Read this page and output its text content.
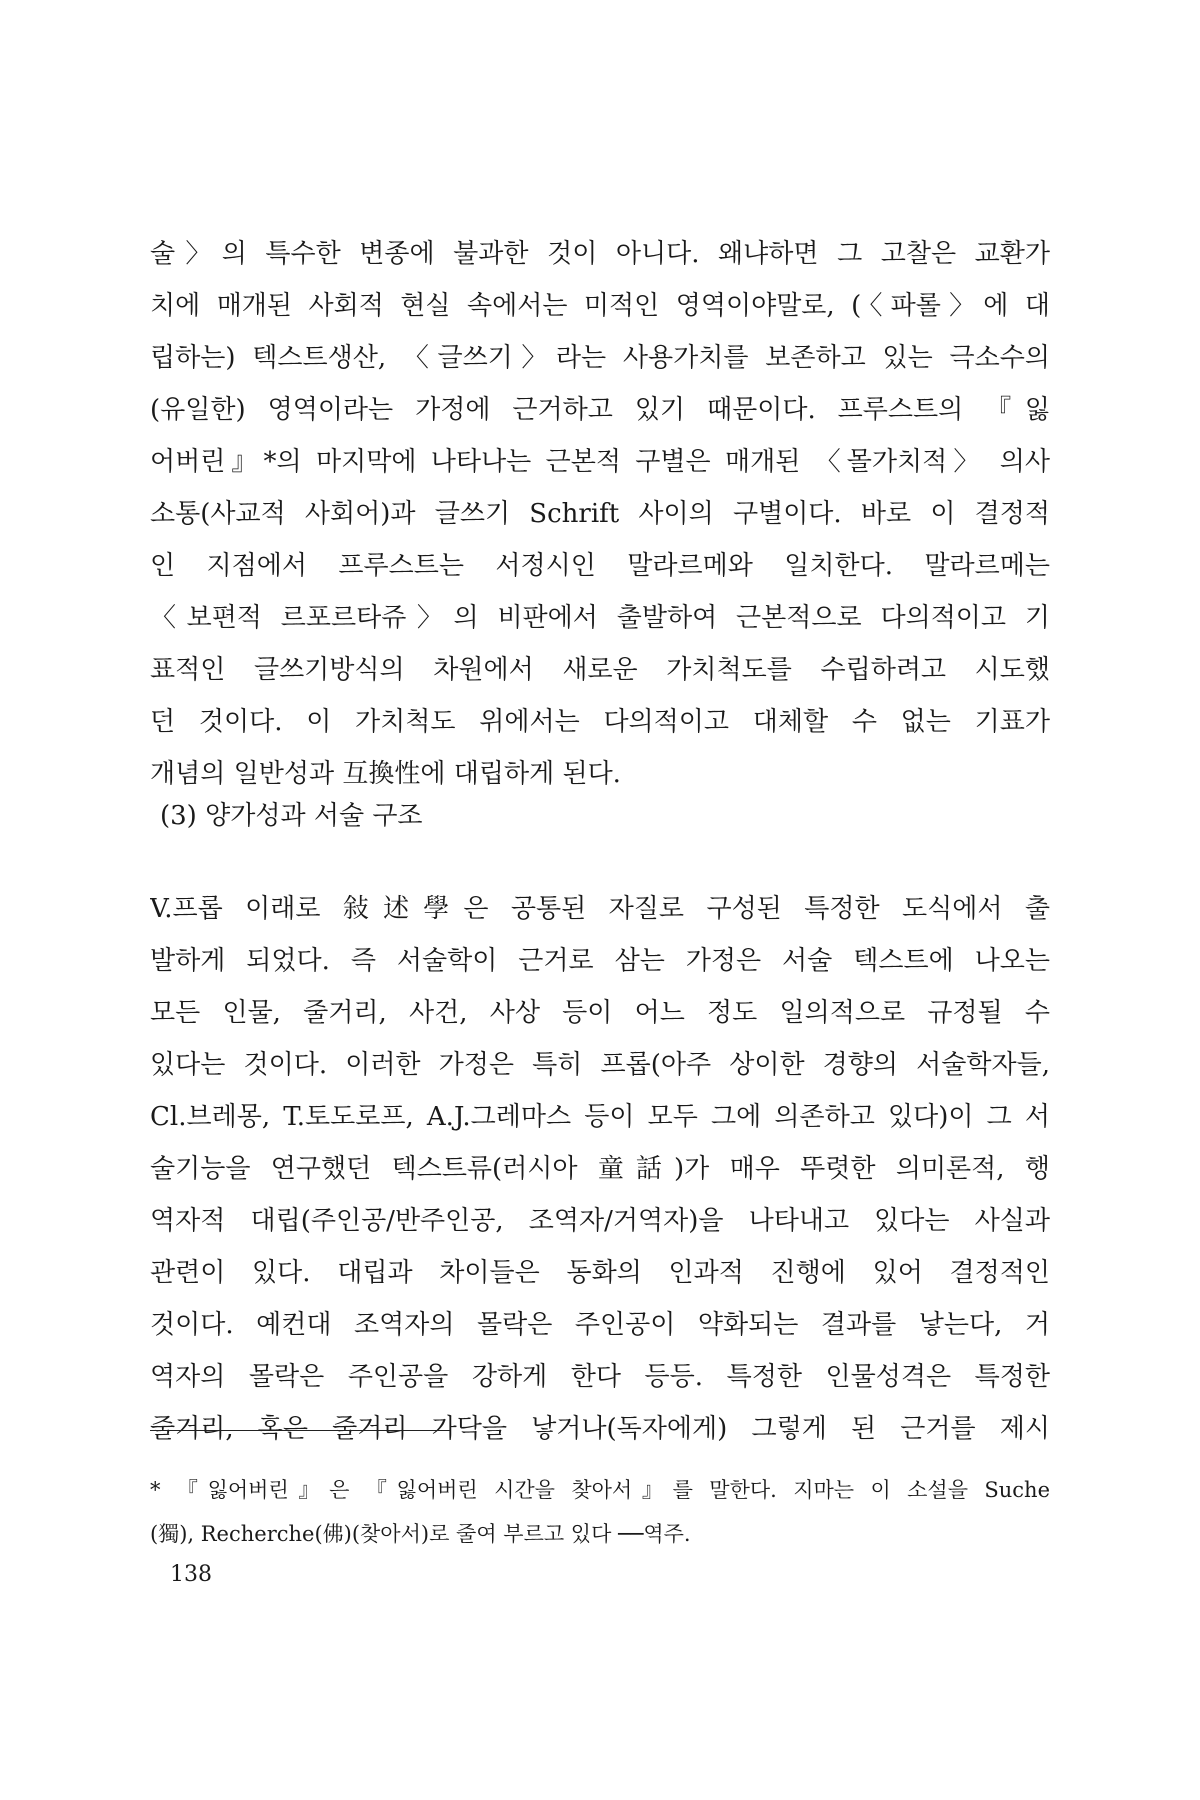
술〉의 특수한 변종에 불과한 것이 아니다. 왜냐하면 그 고찰은 교환가
치에 매개된 사회적 현실 속에서는 미적인 영역이야말로, (〈파롤〉에 대
립하는) 텍스트생산, 〈글쓰기〉라는 사용가치를 보존하고 있는 극소수의
(유일한) 영역이라는 가정에 근거하고 있기 때문이다. 프루스트의 『잃
어버린』*의 마지막에 나타나는 근본적 구별은 매개된 〈몰가치적〉 의사
소통(사교적 사회어)과 글쓰기 Schrift 사이의 구별이다. 바로 이 결정적
인 지점에서 프루스트는 서정시인 말라르메와 일치한다. 말라르메는
〈보편적 르포르타쥬〉의 비판에서 출발하여 근본적으로 다의적이고 기
표적인 글쓰기방식의 차원에서 새로운 가치척도를 수립하려고 시도했
던 것이다. 이 가치척도 위에서는 다의적이고 대체할 수 없는 기표가
개념의 일반성과 互換性에 대립하게 된다.
(3) 양가성과 서술 구조
V.프롭 이래로 敍述學은 공통된 자질로 구성된 특정한 도식에서 출
발하게 되었다. 즉 서술학이 근거로 삼는 가정은 서술 텍스트에 나오는
모든 인물, 줄거리, 사건, 사상 등이 어느 정도 일의적으로 규정될 수
있다는 것이다. 이러한 가정은 특히 프롭(아주 상이한 경향의 서술학자들,
Cl.브레몽, T.토도로프, A.J.그레마스 등이 모두 그에 의존하고 있다)이 그 서
술기능을 연구했던 텍스트류(러시아 童話)가 매우 뚜렷한 의미론적, 행
역자적 대립(주인공/반주인공, 조역자/거역자)을 나타내고 있다는 사실과
관련이 있다. 대립과 차이들은 동화의 인과적 진행에 있어 결정적인
것이다. 예컨대 조역자의 몰락은 주인공이 약화되는 결과를 낳는다, 거
역자의 몰락은 주인공을 강하게 한다 등등. 특정한 인물성격은 특정한
줄거리, 혹은 줄거리 가닥을 낳거나(독자에게) 그렇게 된 근거를 제시
* 『잃어버린』은 『잃어버린 시간을 찾아서』를 말한다. 지마는 이 소설을 Suche
(獨), Recherche(佛)(찾아서)로 줄여 부르고 있다 ──역주.
138
